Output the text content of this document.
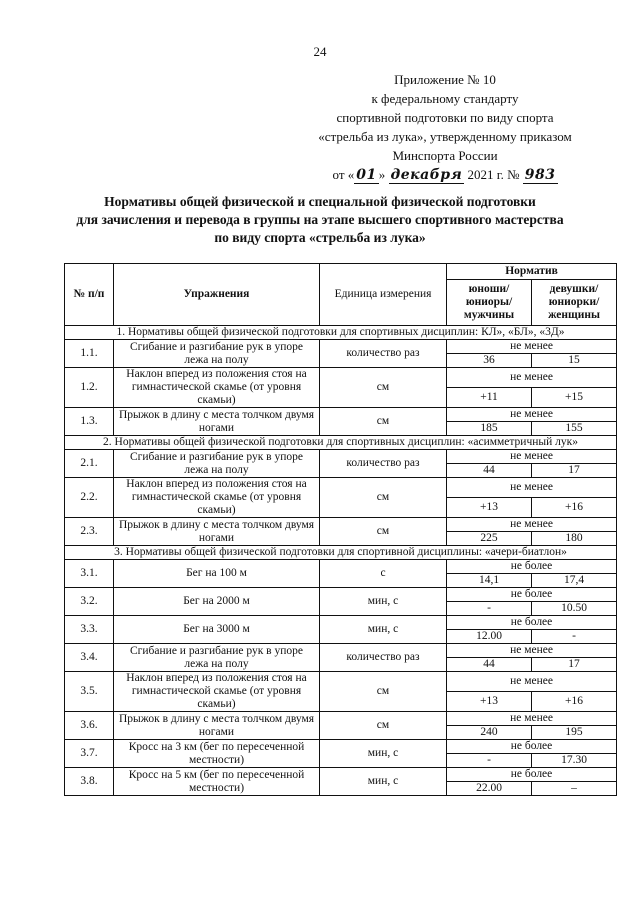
24
Приложение № 10
к федеральному стандарту
спортивной подготовки по виду спорта
«стрельба из лука», утвержденному приказом
Минспорта России
от « 01 » декабря 2021 г. № 983
Нормативы общей физической и специальной физической подготовки
для зачисления и перевода в группы на этапе высшего спортивного мастерства
по виду спорта «стрельба из лука»
№ п/п	Упражнения	Единица измерения	Норматив	
			юноши/ юниоры/ мужчины	девушки/ юниорки/ женщины

1. Нормативы общей физической подготовки для спортивных дисциплин: КЛ», «БЛ», «3Д»				
1.1.	Сгибание и разгибание рук в упоре лежа на полу	количество раз	не менее	
			36	15
1.2.	Наклон вперед из положения стоя на гимнастической скамье (от уровня скамьи)	см	не менее	
			+11	+15
1.3.	Прыжок в длину с места толчком двумя ногами	см	не менее	
			185	155
2. Нормативы общей физической подготовки для спортивных дисциплин: «асимметричный лук»				
2.1.	Сгибание и разгибание рук в упоре лежа на полу	количество раз	не менее	
			44	17
2.2.	Наклон вперед из положения стоя на гимнастической скамье (от уровня скамьи)	см	не менее	
			+13	+16
2.3.	Прыжок в длину с места толчком двумя ногами	см	не менее	
			225	180
3. Нормативы общей физической подготовки для спортивной дисциплины: «ачери-биатлон»				
3.1.	Бег на 100 м	с	не более	
			14,1	17,4
3.2.	Бег на 2000 м	мин, с	не более	
			-	10.50
3.3.	Бег на 3000 м	мин, с	не более	
			12.00	-
3.4.	Сгибание и разгибание рук в упоре лежа на полу	количество раз	не менее	
			44	17
3.5.	Наклон вперед из положения стоя на гимнастической скамье (от уровня скамьи)	см	не менее	
			+13	+16
3.6.	Прыжок в длину с места толчком двумя ногами	см	не менее	
			240	195
3.7.	Кросс на 3 км (бег по пересеченной местности)	мин, с	не более	
			-	17.30
3.8.	Кросс на 5 км (бег по пересеченной местности)	мин, с	не более	
			22.00	–
